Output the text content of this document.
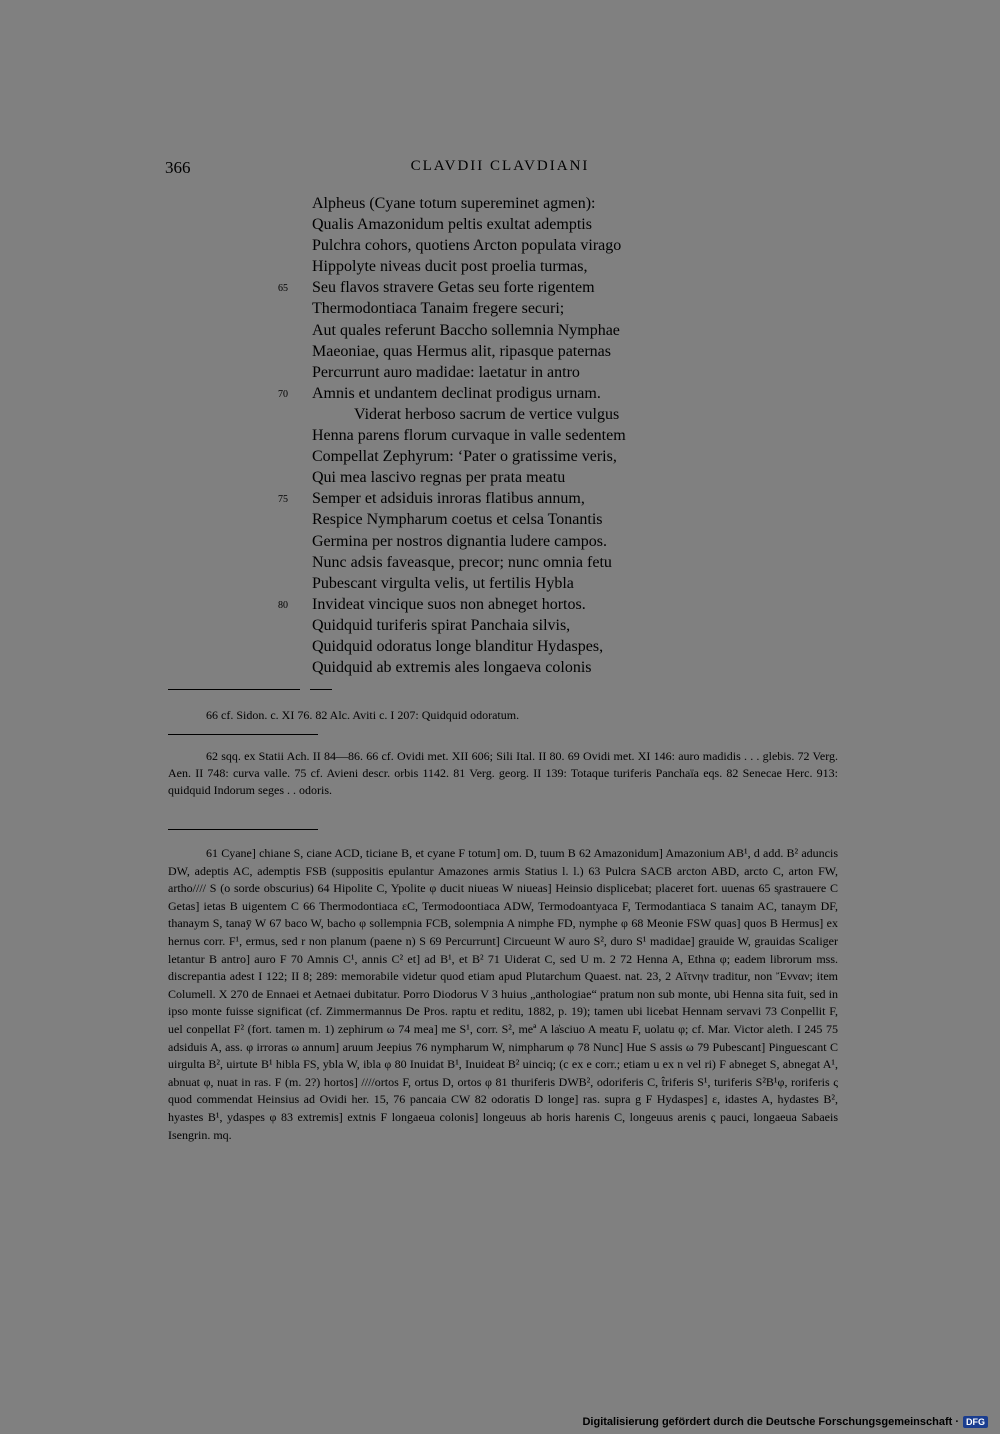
366	CLAVDII CLAVDIANI
Alpheus (Cyane totum supereminet agmen):
Qualis Amazonidum peltis exultat ademptis
Pulchra cohors, quotiens Arcton populata virago
Hippolyte niveas ducit post proelia turmas,
65 Seu flavos stravere Getas seu forte rigentem
Thermodontiaca Tanaim fregere securi;
Aut quales referunt Baccho sollemnia Nymphae
Maeoniae, quas Hermus alit, ripasque paternas
Percurrunt auro madidae: laetatur in antro
70 Amnis et undantem declinat prodigus urnam.
Viderat herboso sacrum de vertice vulgus
Henna parens florum curvaque in valle sedentem
Compellat Zephyrum: ‘Pater o gratissime veris,
Qui mea lascivo regnas per prata meatu
75 Semper et adsiduis inroras flatibus annum,
Respice Nympharum coetus et celsa Tonantis
Germina per nostros dignantia ludere campos.
Nunc adsis faveasque, precor; nunc omnia fetu
Pubescant virgulta velis, ut fertilis Hybla
80 Invideat vincique suos non abneget hortos.
Quidquid turiferis spirat Panchaia silvis,
Quidquid odoratus longe blanditur Hydaspes,
Quidquid ab extremis ales longaeva colonis
66 cf. Sidon. c. XI 76. 82 Alc. Aviti c. I 207: Quidquid odoratum.

62 sqq. ex Statii Ach. II 84—86. 66 cf. Ovidi met. XII 606; Sili Ital. II 80. 69 Ovidi met. XI 146: auro madidis . . . glebis. 72 Verg. Aen. II 748: curva valle. 75 cf. Avieni descr. orbis 1142. 81 Verg. georg. II 139: Totaque turiferis Panchaïa eqs. 82 Senecae Herc. 913: quidquid Indorum seges . . odoris.

61 Cyane] chiane S, ciane ACD, ticiane B, et cyane F totum] om. D, tuum B 62 Amazonidum] Amazonium AB¹, d add. B² aduncis DW, adeptis AC, ademptis FSB (suppositis epulantur Amazones armis Statius l. l.) 63 Pulcra SACB arcton ABD, arcto C, arton FW, artho//// S (o sorde obscurius) 64 Hipolite C, Ypolite φ ducit niueas W niueas] Heinsio displicebat; placeret fort. uuenas 65 s̥rastrauere C Getas] ietas B uigentem C 66 Thermodontiaca εC, Termodoontiaca ADW, Termodoantyaca F, Termodantiaca S tanaim AC, tanaym DF, thanaym S, tanaȳ W 67 baco W, bacho φ sollempnia FCB, solempnia A nimphe FD, nymphe φ 68 Meonie FSW quas] quos B Hermus] ex hernus corr. F¹, ermus, sed r non planum (paene n) S 69 Percurrunt] Circueunt W auro S², duro S¹ madidae] grauide W, grauidas Scaliger letantur B antro] auro F 70 Amnis C¹, annis C² et] ad B¹, et B² 71 Uiderat C, sed U m. 2 72 Henna A, Ethna φ; eadem librorum mss. discrepantia adest I 122; II 8; 289: memorabile videtur quod etiam apud Plutarchum Quaest. nat. 23, 2 Αἴτνην traditur, non Ἔνναν; item Columell. X 270 de Ennaei et Aetnaei dubitatur. Porro Diodorus V 3 huius „anthologiae“ pratum non sub monte, ubi Henna sita fuit, sed in ipso monte fuisse significat (cf. Zimmermannus De Pros. raptu et reditu, 1882, p. 19); tamen ubi licebat Hennam servavi 73 Conpellit F, uel conpellat F² (fort. tamen m. 1) zephirum ω 74 mea] me S¹, corr. S², meª A la̍sciuo A meatu F, uolatu φ; cf. Mar. Victor aleth. I 245 75 adsiduis A, ass. φ irroras ω annum] aruum Jeepius 76 nympharum W, nimpharum φ 78 Nunc] Hue S assis ω 79 Pubescant] Pinguescant C uirgulta B², uirtute B¹ hibla FS, ybla W, ibla φ 80 Inuidat B¹, Inuideat B² uinciq; (c ex e corr.; etiam u ex n vel ri) F abneget S, abnegat A¹, abnuat φ, nuat in ras. F (m. 2?) hortos] ////ortos F, ortus D, ortos φ 81 thuriferis DWB², odoriferis C, t̂riferis S¹, turiferis S²B¹φ, roriferis ς quod commendat Heinsius ad Ovidi her. 15, 76 pancaia CW 82 odoratis D longe] ras. supra g F Hydaspes] ε, idastes A, hydastes B², hyastes B¹, ydaspes φ 83 extremis] extnis F longaeua colonis] longeuus ab horis harenis C, longeuus arenis ς pauci, longaeua Sabaeis Isengrin. mq.

Digitalisierung gefördert durch die Deutsche Forschungsgemeinschaft · DFG
